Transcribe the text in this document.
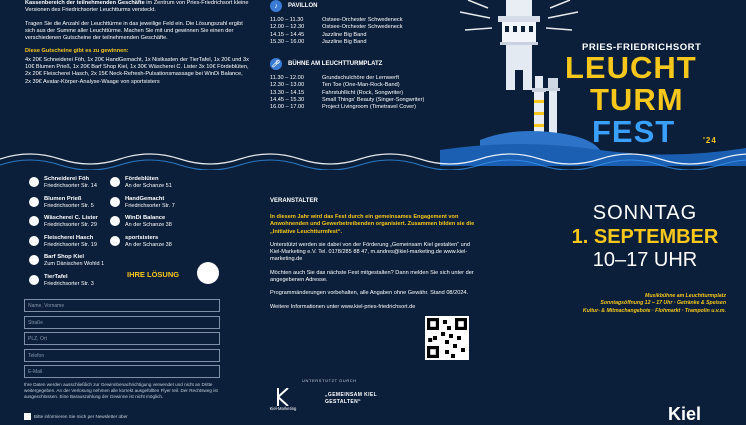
Kassenbereich der teilnehmenden Geschäfte im Zentrum von Pries-Friedrichsort kleine Versionen des Friedrichsorter Leuchtturms versteckt.

Tragen Sie die Anzahl der Leuchttürme in das jeweilige Feld ein. Die Lösungszahl ergibt sich aus der Summe aller Leuchttürme. Machen Sie mit und gewinnen Sie einen der verschiedenen Gutscheine der teilnehmenden Geschäfte.

Diese Gutscheine gibt es zu gewinnen:

4x 20€ Schneiderei Föh, 1x 20€ HandGemacht, 1x Nistkasten der TierTafel, 1x 20€ und 3x 10€ Blumen Prieß, 1x 20€ Barf Shop Kiel, 1x 30€ Wäscherei C. Lister 3x 10€ Fördeblüten, 2x 20€ Fleischerei Hasch, 2x 15€ Neck-Refresh-Pulsationsmassage bei WinDi Balance, 2x 39€ Avatar-Körper-Analyse-Waage von sportsisters

♪	PAVILLON
11.00 – 11.30	Ostsee-Orchester Schwedeneck
12.00 – 12.30	Ostsee-Orchester Schwedeneck
14.15 – 14.45	Jazzline Big Band
15.30 – 16.00	Jazzline Big Band
🎤︎ BÜHNE AM LEUCHTTURMPLATZ
11.30 – 12.00	Grundschulchöre der Lernwerft
12.30 – 13.00	Ten Toe (One-Man-Rock-Band)
13.30 – 14.15	Fahrstuhllicht (Rock, Songwriter)
14.45 – 15.30	Small Things' Beauty (Singer-Songwriter)
16.00 – 17.00	Project Livingroom (Timetravel Cover)
PRIES-FRIEDRICHSORT
LEUCHT
TURM
FEST	'24
Schneiderei Föh
Friedrichsorter Str. 14
Blumen Prieß
Friedrichsorter Str. 5
Wäscherei C. Lister
Friedrichsorter Str. 29
Fleischerei Hasch
Friedrichsorter Str. 19
Barf Shop Kiel
Zum Dänischen Wohld 1
TierTafel
Friedrichsorter Str. 3
Fördeblüten
An der Schanze 51
HandGemacht
Friedrichsorter Str. 7
WinDi Balance
An der Schanze 38
sportsisters
An der Schanze 38
IHRE LÖSUNG
Name, Vorname
Straße
PLZ, Ort
Telefon
E-Mail
Ihre Daten werden ausschließlich zur Gewinnbenachrichtigung verwendet und nicht an Dritte weitergegeben. An der Verlosung nehmen alle korrekt ausgefüllten Flyer teil. Der Rechtsweg ist ausgeschlossen. Eine Barauszahlung der Gewinne ist nicht möglich.
Bitte informieren Sie mich per Newsletter über
VERANSTALTER

In diesem Jahr wird das Fest durch ein gemeinsames Engagement von Anwohnenden und Gewerbetreibenden organisiert. Zusammen bilden sie die „Initiative Leuchtturmfest“.

Unterstützt werden sie dabei von der Förderung „Gemeinsam Kiel gestalten“ und Kiel-Marketing e.V. Tel. 0178/285 88 47, m.andres@kiel-marketing.de www.kiel-marketing.de

Möchten auch Sie das nächste Fest mitgestalten? Dann melden Sie sich unter der angegebenen Adresse.

Programmänderungen vorbehalten, alle Angaben ohne Gewähr. Stand 08/2024.

Weitere Informationen unter www.kiel-pries-friedrichsort.de

UNTERSTÜTZT DURCH
Kiel-Marketing
„GEMEINSAM KIEL GESTALTEN“
SONNTAG
1. SEPTEMBER
10–17 UHR
Musikbühne am Leuchtturmplatz
Sonntagsöffnung 12 – 17 Uhr · Getränke & Speisen
Kultur- & Mitmachangebote · Flohmarkt · Trampolin u.v.m.
Kiel
